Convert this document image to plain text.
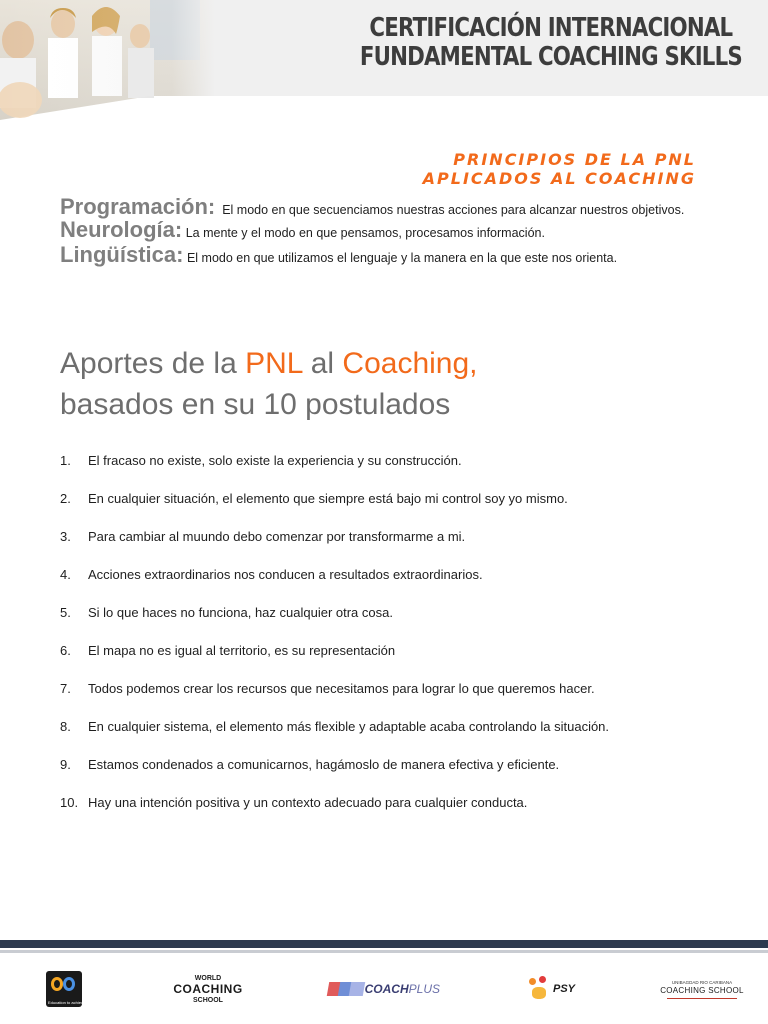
CERTIFICACIÓN INTERNACIONAL
FUNDAMENTAL COACHING SKILLS
PRINCIPIOS DE LA PNL
APLICADOS AL COACHING
Programación: El modo en que secuenciamos nuestras acciones para alcanzar nuestros objetivos.
Neurología: La mente y el modo en que pensamos, procesamos información.
Lingüística: El modo en que utilizamos el lenguaje y la manera en la que este nos orienta.
Aportes de la PNL al Coaching,
basados en su 10 postulados
1.	El fracaso no existe, solo existe la experiencia y su construcción.
2.	En cualquier situación, el elemento que siempre está bajo mi control soy yo mismo.
3.	Para cambiar al muundo debo comenzar por transformarme a mi.
4.	Acciones extraordinarios nos conducen a resultados extraordinarios.
5.	Si lo que haces no funciona, haz cualquier otra cosa.
6.	El mapa no es igual al territorio, es su representación
7.	Todos podemos crear los recursos que necesitamos para lograr lo que queremos hacer.
8.	En cualquier sistema, el elemento más flexible y adaptable acaba controlando la situación.
9.	Estamos condenados a comunicarnos, hagámoslo de manera efectiva y eficiente.
10. Hay una intención positiva y un contexto adecuado para cualquier conducta.
Education to achieve Foundation
WORLD
COACHING
SCHOOL
COACHPLUS	PSY
UNIBAGDAD RIO CARIBANA
COACHING SCHOOL
